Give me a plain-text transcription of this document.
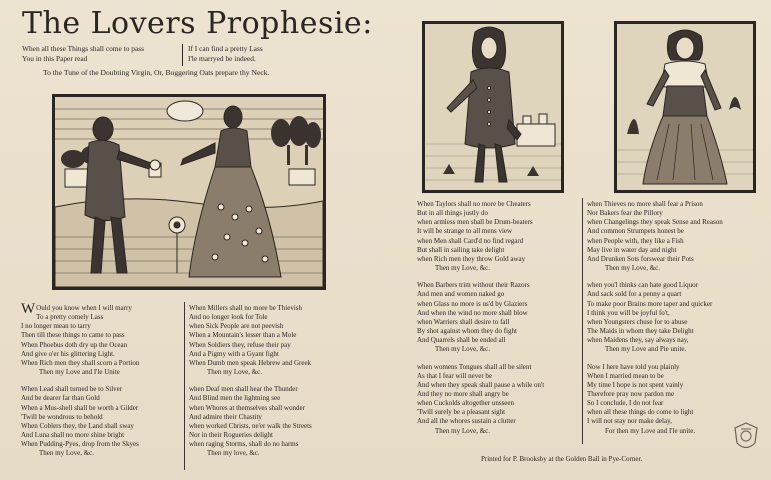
The Lovers Prophesie:
When all these Things shall come to pass
You in this Paper read
If I can find a pretty Lass
I'le marryed be indeed.
To the Tune of the Doubting Virgin, Or, Buggering Oats prepare thy Neck.
W Ould you know when I will marry
To a pretty comely Lass
I no longer mean to tarry
Then till these things to came to pass
When Phoebus doth dry up the Ocean
And give o'er his glittering Light.
When Rich men they shall scorn a Portion
Then my Love and I'le Unite
When Lead shall turned be to Silver
And be dearer far than Gold
When a Mus-shell shall be worth a Gilder
'Twill be wondrous to behold
When Coblers they, the Land shall sway
And Luna shall no more shine bright
When Pudding-Pyes, drop from the Skyes
Then my Love, &c.
When Millers shall no more be Thievish
And no longer look for Tole
when Sick People are not peevish
When a Mountain's lesser than a Mole
When Soldiers they, refuse their pay
And a Pigmy with a Gyant fight
When Dumb men speak Hebrew and Greek
Then my Love, &c.
when Deaf men shall hear the Thunder
And Blind men the lightning see
when Whores at themselves shall wonder
And admire their Chastity
when worked Christs, ne'er walk the Streets
Nor in their Rogueries delight
when raging Storms, shall do no harms
Then my love, &c.
When Taylors shall no more be Cheaters
But in all things justly do
when armless men shall be Drum-beaters
It will be strange to all mens view
when Men shall Card'd no find regard
But shall in sailing take delight
when Rich men they throw Gold away
Then my Love, &c.
When Barbers trim without their Razors
And men and women naked go
when Glass no more is us'd by Glaziers
And when the wind no more shall blow
when Warriers shall desire to fall
By shot against whom they do fight
And Quarrels shall be ended all
Then my Love, &c.
when womens Tongues shall all be silent
As that I fear will never be
And when they speak shall pause a while on't
And they no more shall angry be
when Cuckolds altogether unsseen
'Twill surely be a pleasant sight
And all the whores sustain a clutter
Then my Love, &c.
when Thieves no more shall fear a Prison
Nor Bakers fear the Pillory
when Changelings they speak Sense and Reason
And common Strumpets honest be
when People with, they like a Fish
May live in water day and night
And Drunken Sots forswear their Pots
Then my Love, &c.
when you'l thinks can hate good Liquor
And sack sold for a penny a quart
To make poor Brains more taper and quicker
I think you will be joyful fo't,
when Youngsters chuse for to abuse
The Maids in whom they take Delight
when Maidens they, say always nay,
Then my Love and Pie unite.
Now I here have told you plainly
When I married mean to be
My time I hope is not spent vainly
Therefore pray now pardon me
So I conclude, I do not fear
when all these things do come to light
I will not stay nor make delay,
For then my Love and I'le unite.
Printed for P. Brooksby at the Golden Ball in Pye-Corner.
